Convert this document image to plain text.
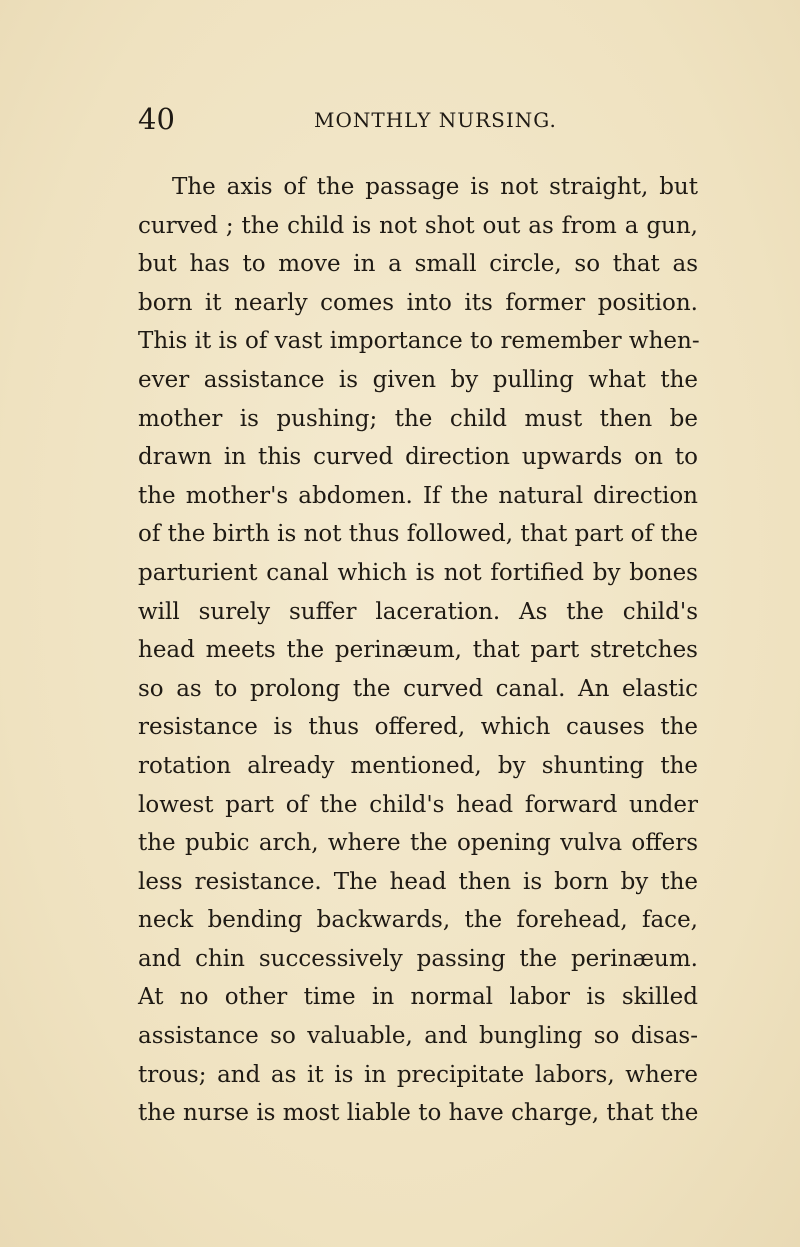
40	MONTHLY NURSING.
The axis of the passage is not straight, but
curved ; the child is not shot out as from a gun,
but has to move in a small circle, so that as
born it nearly comes into its former position.
This it is of vast importance to remember when-
ever assistance is given by pulling what the
mother is pushing; the child must then be
drawn in this curved direction upwards on to
the mother's abdomen. If the natural direction
of the birth is not thus followed, that part of the
parturient canal which is not fortified by bones
will surely suffer laceration. As the child's
head meets the perinæum, that part stretches
so as to prolong the curved canal. An elastic
resistance is thus offered, which causes the
rotation already mentioned, by shunting the
lowest part of the child's head forward under
the pubic arch, where the opening vulva offers
less resistance. The head then is born by the
neck bending backwards, the forehead, face,
and chin successively passing the perinæum.
At no other time in normal labor is skilled
assistance so valuable, and bungling so disas-
trous; and as it is in precipitate labors, where
the nurse is most liable to have charge, that the
